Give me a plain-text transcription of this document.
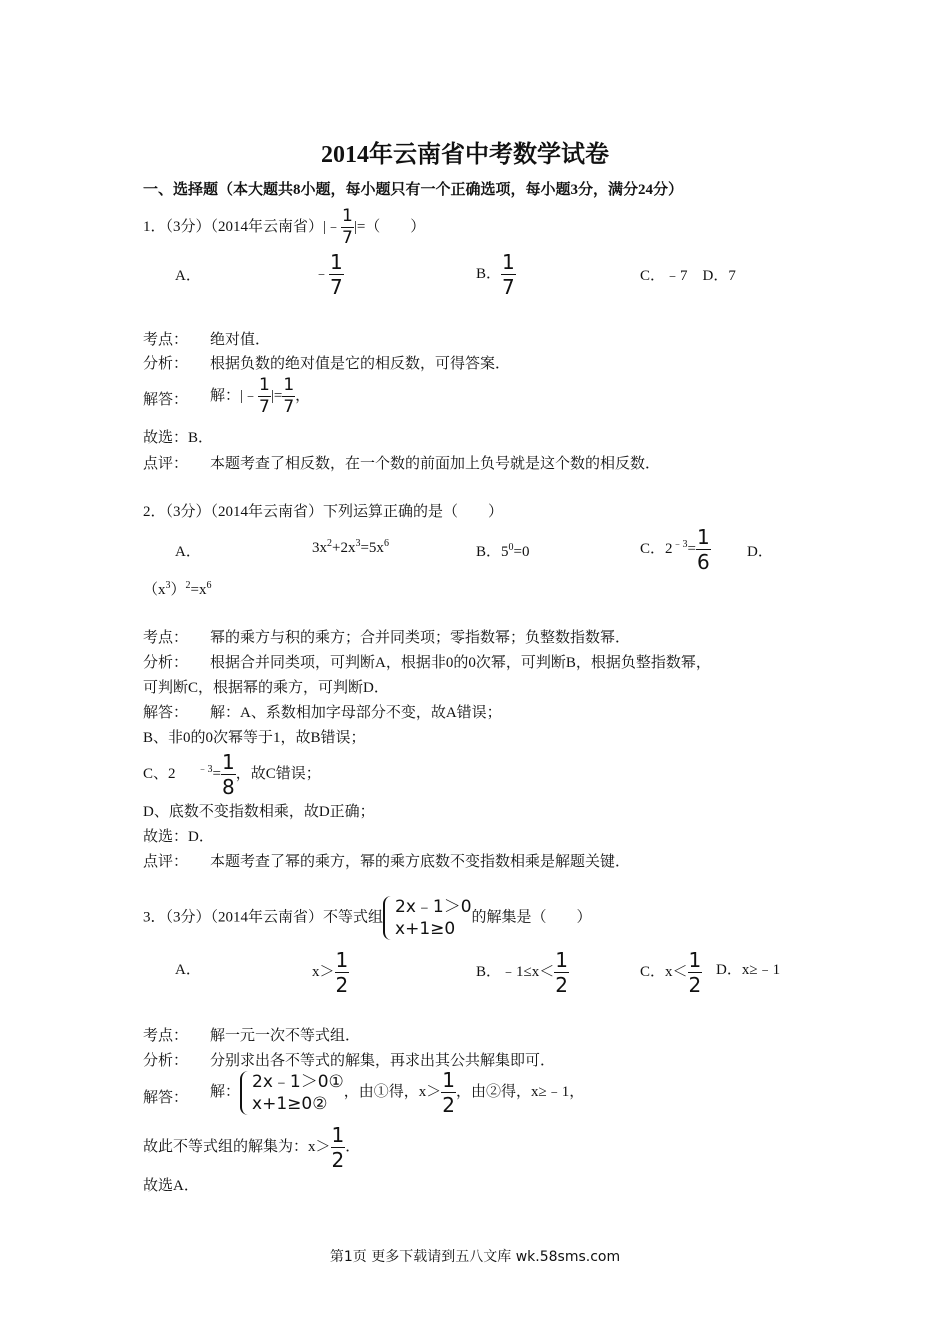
2014年云南省中考数学试卷
一、选择题（本大题共8小题，每小题只有一个正确选项，每小题3分，满分24分）
1．（3分）（2014年云南省）|﹣ $\frac{1}{7}$ |=（　　）
A．	﹣ $\frac{1}{7}$	B． $\frac{1}{7}$	C．﹣7　D．7
考点： 绝对值．
分析： 根据负数的绝对值是它的相反数，可得答案．
解答： 解：|﹣ $\frac{1}{7}$ |= $\frac{1}{7}$ ，
故选：B．
点评： 本题考查了相反数，在一个数的前面加上负号就是这个数的相反数．
2．（3分）（2014年云南省）下列运算正确的是（　　）
A．	$3x^2+2x^3=5x^6$
B．$5^0=0$	C．$2^{﹣3}= \frac{1}{6}$ D．
$(x^3)^2=x^6$
考点： 幂的乘方与积的乘方；合并同类项；零指数幂；负整数指数幂．
分析： 根据合并同类项，可判断A，根据非0的0次幂，可判断B，根据负整指数幂，
可判断C，根据幂的乘方，可判断D．
解答： 解：A、系数相加字母部分不变，故A错误；
B、非0的0次幂等于1，故B错误；
C、2 $^{﹣3}= \frac{1}{8}$ ，故C错误；
D、底数不变指数相乘，故D正确；
故选：D．
点评： 本题考查了幂的乘方，幂的乘方底数不变指数相乘是解题关键．
3．（3分）（2014年云南省）不等式组
2x﹣1＞0
x+1≥0
的解集是（　　）
A．	$x> \frac{1}{2}$	B．﹣1≤x＜ $\frac{1}{2}$	C．$x< \frac{1}{2}$ D．x≥﹣1
考点： 解一元一次不等式组．
分析： 分别求出各不等式的解集，再求出其公共解集即可．
解答： 解：
2x﹣1＞0①
x+1≥0②
，由①得，$x> \frac{1}{2}$ ，由②得，x≥﹣1，
故此不等式组的解集为：$x> \frac{1}{2}$ ．
故选A．
第1页 更多下载请到五八文库 wk.58sms.com
